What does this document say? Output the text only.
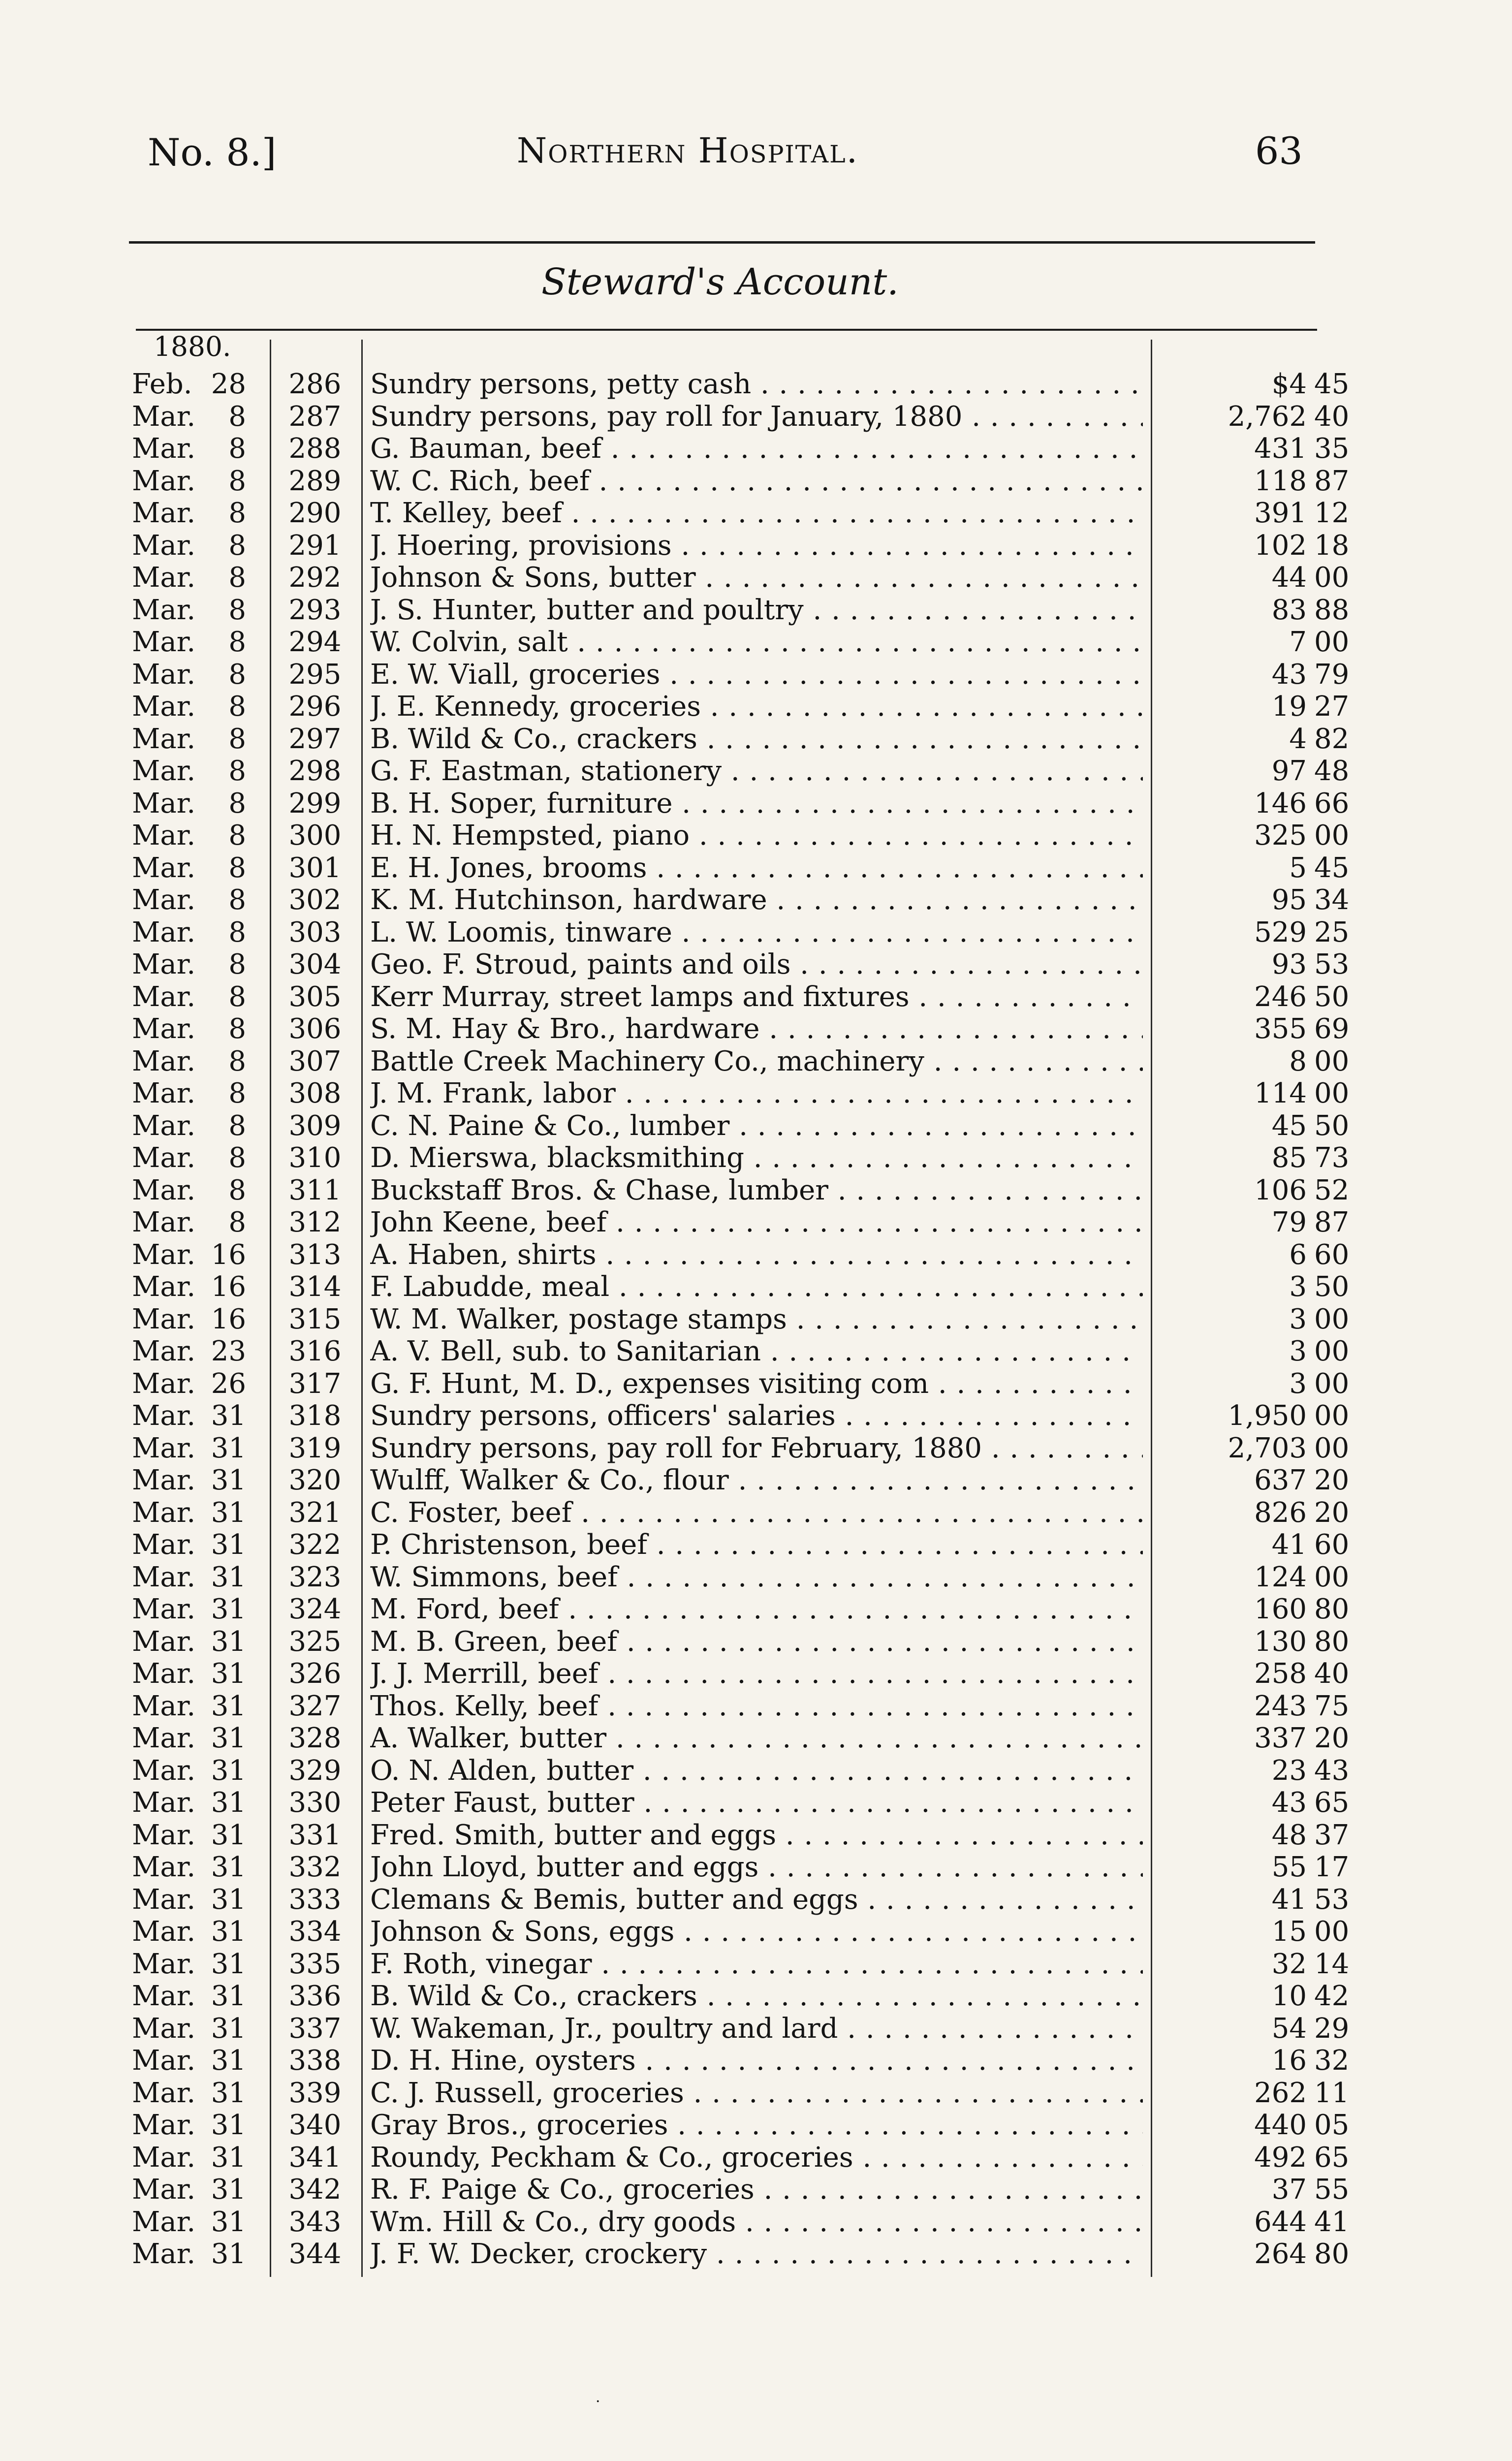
No. 8.]	Northern Hospital.	63
Steward's Account.
1880.
Feb. 28	286	Sundry persons, petty cash . . .	$4 45
Mar.	8	287	Sundry persons, pay roll for January, 1880 . . .	2,762 40
Mar.	8	288	G. Bauman, beef . . .	431 35
Mar.	8	289	W. C. Rich, beef . . .	118 87
Mar.	8	290	T. Kelley, beef . . .	391 12
Mar.	8	291	J. Hoering, provisions . . .	102 18
Mar.	8	292	Johnson & Sons, butter . . .	44 00
Mar.	8	293	J. S. Hunter, butter and poultry . . .	83 88
Mar.	8	294	W. Colvin, salt . . .	7 00
Mar.	8	295	E. W. Viall, groceries . . .	43 79
Mar.	8	296	J. E. Kennedy, groceries . . .	19 27
Mar.	8	297	B. Wild & Co., crackers . . .	4 82
Mar.	8	298	G. F. Eastman, stationery . . .	97 48
Mar.	8	299	B. H. Soper, furniture . . .	146 66
Mar.	8	300	H. N. Hempsted, piano . . .	325 00
Mar.	8	301	E. H. Jones, brooms . . .	5 45
Mar.	8	302	K. M. Hutchinson, hardware . . .	95 34
Mar.	8	303	L. W. Loomis, tinware . . .	529 25
Mar.	8	304	Geo. F. Stroud, paints and oils . . .	93 53
Mar.	8	305	Kerr Murray, street lamps and fixtures . . .	246 50
Mar.	8	306	S. M. Hay & Bro., hardware . . .	355 69
Mar.	8	307	Battle Creek Machinery Co., machinery . . .	8 00
Mar.	8	308	J. M. Frank, labor . . .	114 00
Mar.	8	309	C. N. Paine & Co., lumber . . .	45 50
Mar.	8	310	D. Mierswa, blacksmithing . . .	85 73
Mar.	8	311	Buckstaff Bros. & Chase, lumber . . .	106 52
Mar.	8	312	John Keene, beef . . .	79 87
Mar. 16	313	A. Haben, shirts . . .	6 60
Mar. 16	314	F. Labudde, meal . . .	3 50
Mar. 16	315	W. M. Walker, postage stamps . . .	3 00
Mar. 23	316	A. V. Bell, sub. to Sanitarian . . .	3 00
Mar. 26	317	G. F. Hunt, M. D., expenses visiting com . . .	3 00
Mar. 31	318	Sundry persons, officers' salaries . . .	1,950 00
Mar. 31	319	Sundry persons, pay roll for February, 1880 . . .	2,703 00
Mar. 31	320	Wulff, Walker & Co., flour . . .	637 20
Mar. 31	321	C. Foster, beef . . .	826 20
Mar. 31	322	P. Christenson, beef . . .	41 60
Mar. 31	323	W. Simmons, beef . . .	124 00
Mar. 31	324	M. Ford, beef . . .	160 80
Mar. 31	325	M. B. Green, beef . . .	130 80
Mar. 31	326	J. J. Merrill, beef . . .	258 40
Mar. 31	327	Thos. Kelly, beef . . .	243 75
Mar. 31	328	A. Walker, butter . . .	337 20
Mar. 31	329	O. N. Alden, butter . . .	23 43
Mar. 31	330	Peter Faust, butter . . .	43 65
Mar. 31	331	Fred. Smith, butter and eggs . . .	48 37
Mar. 31	332	John Lloyd, butter and eggs . . .	55 17
Mar. 31	333	Clemans & Bemis, butter and eggs . . .	41 53
Mar. 31	334	Johnson & Sons, eggs . . .	15 00
Mar. 31	335	F. Roth, vinegar . . .	32 14
Mar. 31	336	B. Wild & Co., crackers . . .	10 42
Mar. 31	337	W. Wakeman, Jr., poultry and lard . . .	54 29
Mar. 31	338	D. H. Hine, oysters . . .	16 32
Mar. 31	339	C. J. Russell, groceries . . .	262 11
Mar. 31	340	Gray Bros., groceries . . .	440 05
Mar. 31	341	Roundy, Peckham & Co., groceries . . .	492 65
Mar. 31	342	R. F. Paige & Co., groceries . . .	37 55
Mar. 31	343	Wm. Hill & Co., dry goods . . .	644 41
Mar. 31	344	J. F. W. Decker, crockery . . .	264 80
·
